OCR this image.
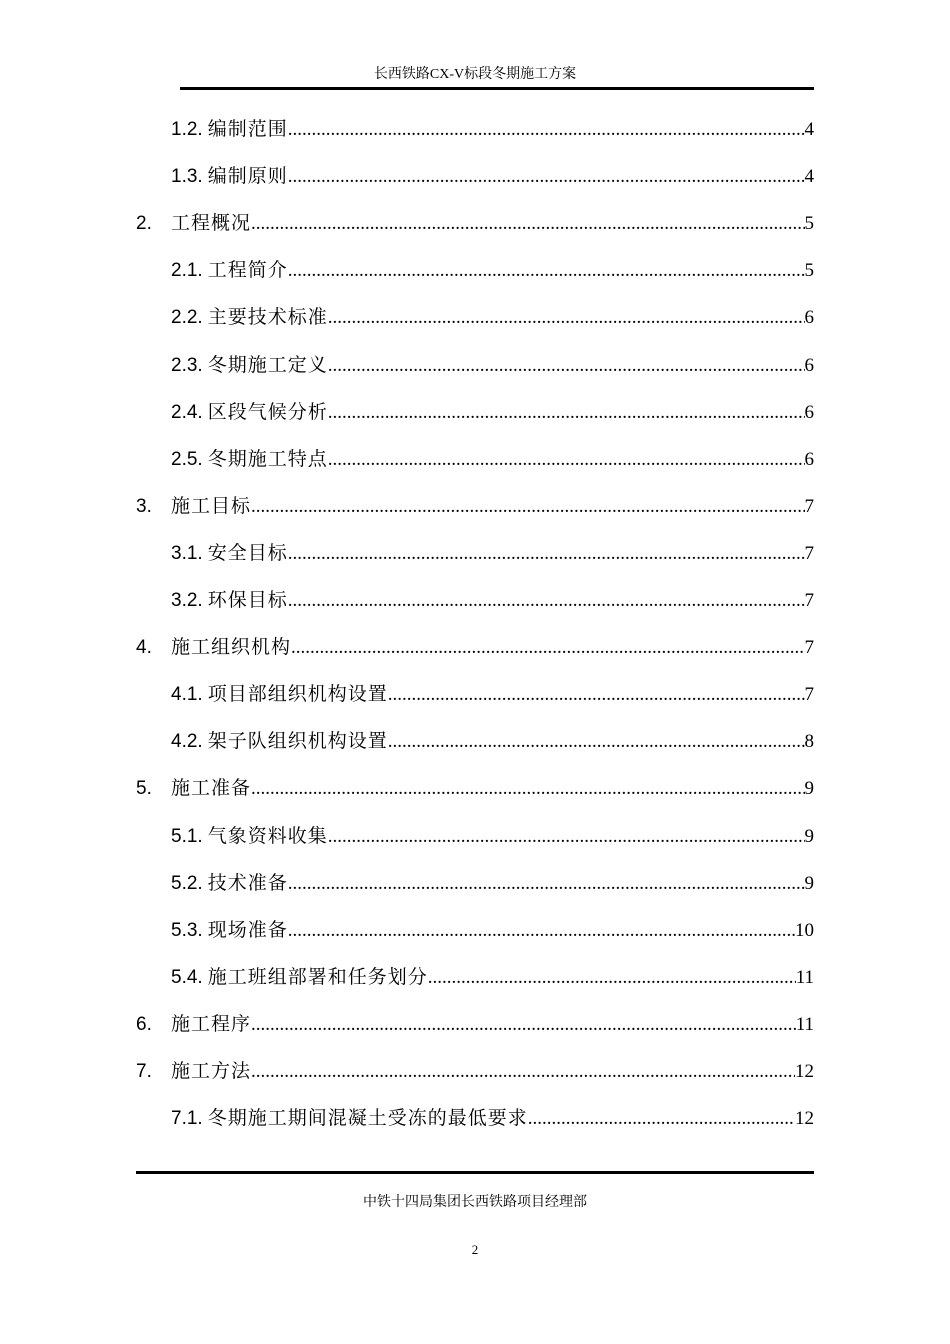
长西铁路CX-V标段冬期施工方案
1.2. 编制范围 .....	4
1.3. 编制原则 .....	4
2.	工程概况 .....	5
2.1. 工程简介 .....	5
2.2. 主要技术标准 .....	6
2.3. 冬期施工定义 .....	6
2.4. 区段气候分析 .....	6
2.5. 冬期施工特点 .....	6
3.	施工目标 .....	7
3.1. 安全目标 .....	7
3.2. 环保目标 .....	7
4.	施工组织机构 .....	7
4.1. 项目部组织机构设置 .....	7
4.2. 架子队组织机构设置 .....	8
5.	施工准备 .....	9
5.1. 气象资料收集 .....	9
5.2. 技术准备 .....	9
5.3. 现场准备 .....	10
5.4. 施工班组部署和任务划分 .....	11
6.	施工程序 .....	11
7.	施工方法 .....	12
7.1. 冬期施工期间混凝土受冻的最低要求 .....	12
中铁十四局集团长西铁路项目经理部
2
